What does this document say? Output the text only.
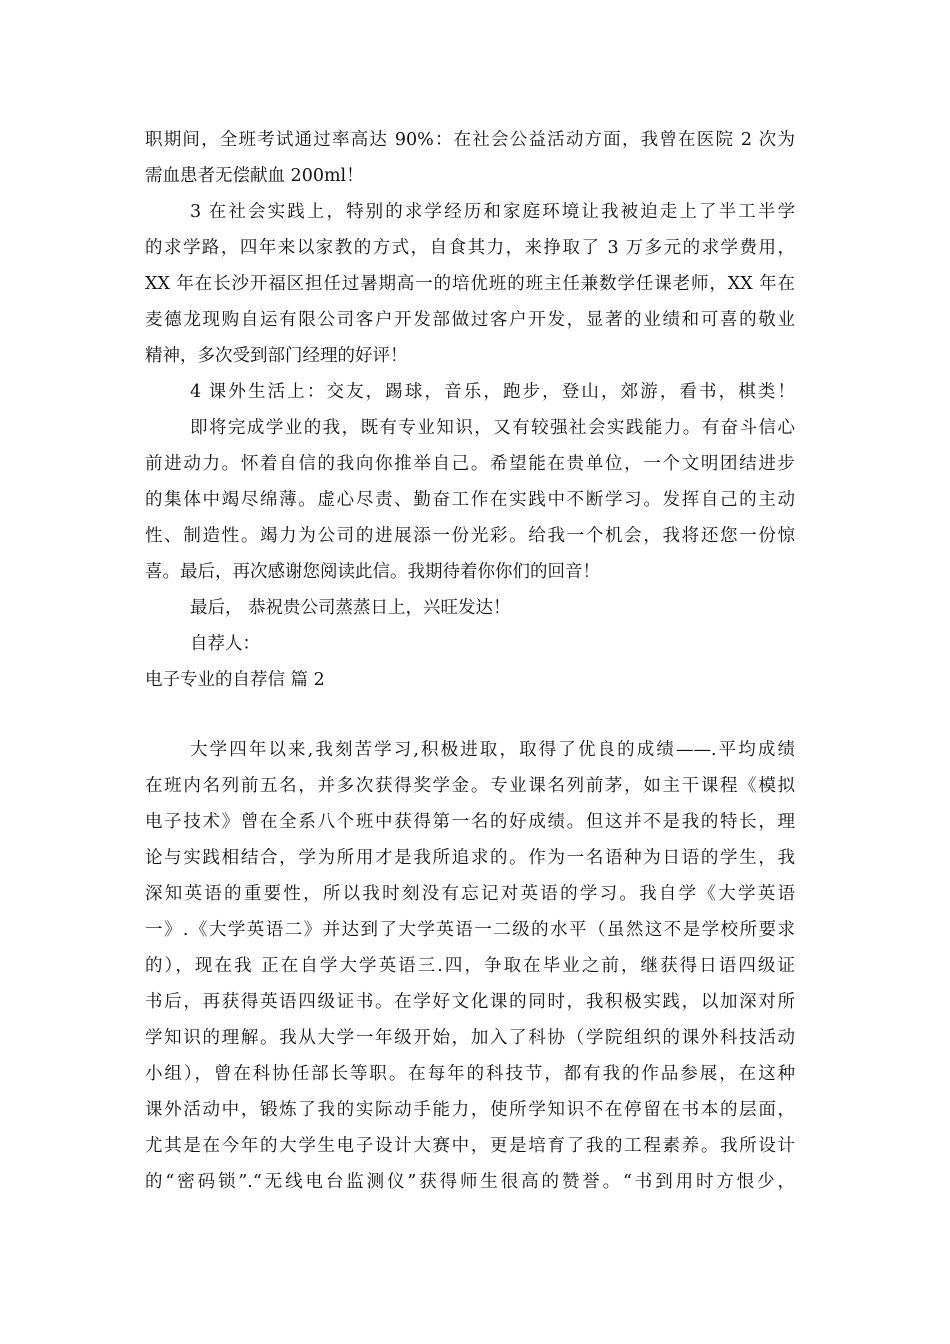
职期间，全班考试通过率高达 90%：在社会公益活动方面，我曾在医院 2 次为
需血患者无偿献血 200ml！
3 在社会实践上，特别的求学经历和家庭环境让我被迫走上了半工半学
的求学路，四年来以家教的方式，自食其力，来挣取了 3 万多元的求学费用，
XX 年在长沙开福区担任过暑期高一的培优班的班主任兼数学任课老师，XX 年在
麦德龙现购自运有限公司客户开发部做过客户开发，显著的业绩和可喜的敬业
精神，多次受到部门经理的好评！
4 课外生活上：交友，踢球，音乐，跑步，登山，郊游，看书，棋类！
即将完成学业的我，既有专业知识，又有较强社会实践能力。有奋斗信心
前进动力。怀着自信的我向你推举自己。希望能在贵单位，一个文明团结进步
的集体中竭尽绵薄。虚心尽责、勤奋工作在实践中不断学习。发挥自己的主动
性、制造性。竭力为公司的进展添一份光彩。给我一个机会，我将还您一份惊
喜。最后，再次感谢您阅读此信。我期待着你你们的回音！
最后， 恭祝贵公司蒸蒸日上，兴旺发达！
自荐人：
电子专业的自荐信 篇 2
大学四年以来,我刻苦学习,积极进取，取得了优良的成绩——.平均成绩
在班内名列前五名，并多次获得奖学金。专业课名列前茅，如主干课程《模拟
电子技术》曾在全系八个班中获得第一名的好成绩。但这并不是我的特长，理
论与实践相结合，学为所用才是我所追求的。作为一名语种为日语的学生，我
深知英语的重要性，所以我时刻没有忘记对英语的学习。我自学《大学英语
一》.《大学英语二》并达到了大学英语一二级的水平（虽然这不是学校所要求
的），现在我 正在自学大学英语三.四，争取在毕业之前，继获得日语四级证
书后，再获得英语四级证书。在学好文化课的同时，我积极实践，以加深对所
学知识的理解。我从大学一年级开始，加入了科协（学院组织的课外科技活动
小组），曾在科协任部长等职。在每年的科技节，都有我的作品参展，在这种
课外活动中，锻炼了我的实际动手能力，使所学知识不在停留在书本的层面，
尤其是在今年的大学生电子设计大赛中，更是培育了我的工程素养。我所设计
的“密码锁”.“无线电台监测仪”获得师生很高的赞誉。“书到用时方恨少，
